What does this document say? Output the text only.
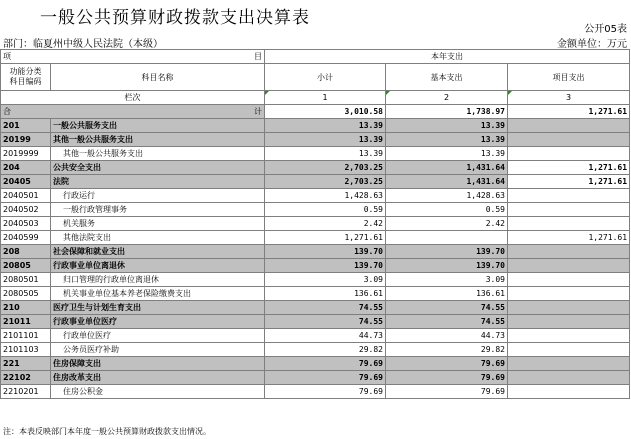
一般公共预算财政拨款支出决算表
公开05表
部门：临夏州中级人民法院（本级）	金额单位：万元
项	目	本年支出		
功能分类
科目编码	科目名称	小计	基本支出	项目支出
栏次		1	2	3
合	计	3,010.58	1,738.97	1,271.61
201	一般公共服务支出	13.39	13.39	
20199	其他一般公共服务支出	13.39	13.39	
2019999	其他一般公共服务支出	13.39	13.39	
204	公共安全支出	2,703.25	1,431.64	1,271.61
20405	法院	2,703.25	1,431.64	1,271.61
2040501	行政运行	1,428.63	1,428.63	
2040502	一般行政管理事务	0.59	0.59	
2040503	机关服务	2.42	2.42	
2040599	其他法院支出	1,271.61		1,271.61
208	社会保障和就业支出	139.70	139.70	
20805	行政事业单位离退休	139.70	139.70	
2080501	归口管理的行政单位离退休	3.09	3.09	
2080505	机关事业单位基本养老保险缴费支出	136.61	136.61	
210	医疗卫生与计划生育支出	74.55	74.55	
21011	行政事业单位医疗	74.55	74.55	
2101101	行政单位医疗	44.73	44.73	
2101103	公务员医疗补助	29.82	29.82	
221	住房保障支出	79.69	79.69	
22102	住房改革支出	79.69	79.69	
2210201	住房公积金	79.69	79.69	
注：本表反映部门本年度一般公共预算财政拨款支出情况。
